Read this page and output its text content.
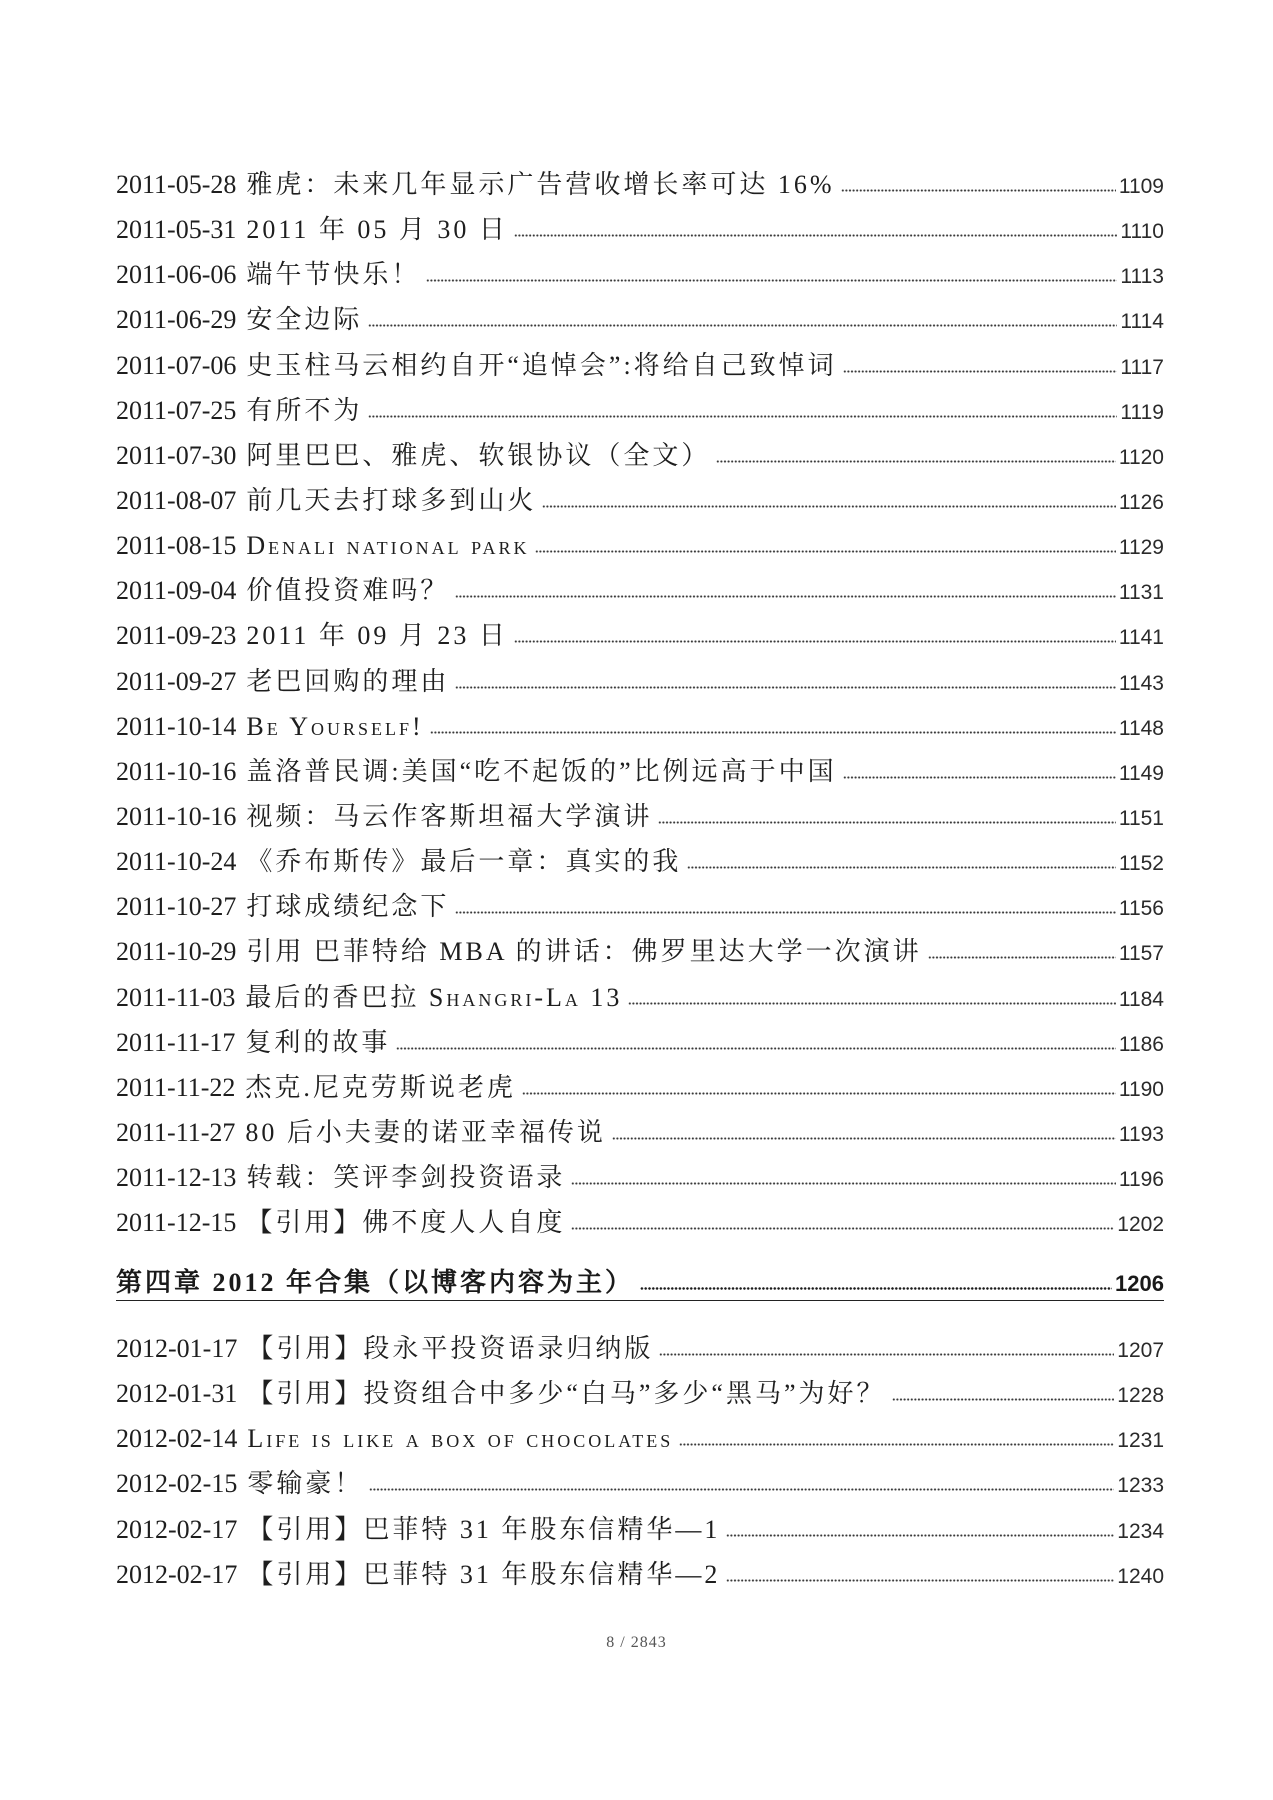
2011-05-28 雅虎：未来几年显示广告营收增长率可达 16%	1109
2011-05-31 2011 年 05 月 30 日	1110
2011-06-06 端午节快乐！	1113
2011-06-29 安全边际	1114
2011-07-06 史玉柱马云相约自开“追悼会”:将给自己致悼词	1117
2011-07-25 有所不为	1119
2011-07-30 阿里巴巴、雅虎、软银协议（全文）	1120
2011-08-07 前几天去打球多到山火	1126
2011-08-15 Denali national park	1129
2011-09-04 价值投资难吗？	1131
2011-09-23 2011 年 09 月 23 日	1141
2011-09-27 老巴回购的理由	1143
2011-10-14 Be Yourself!	1148
2011-10-16 盖洛普民调:美国“吃不起饭的”比例远高于中国	1149
2011-10-16 视频：马云作客斯坦福大学演讲	1151
2011-10-24 《乔布斯传》最后一章：真实的我	1152
2011-10-27 打球成绩纪念下	1156
2011-10-29 引用 巴菲特给 MBA 的讲话：佛罗里达大学一次演讲	1157
2011-11-03 最后的香巴拉 Shangri-La 13	1184
2011-11-17 复利的故事	1186
2011-11-22 杰克.尼克劳斯说老虎	1190
2011-11-27 80 后小夫妻的诺亚幸福传说	1193
2011-12-13 转载：笑评李剑投资语录	1196
2011-12-15 【引用】佛不度人人自度	1202
第四章 2012 年合集（以博客内容为主）	1206
2012-01-17 【引用】段永平投资语录归纳版	1207
2012-01-31 【引用】投资组合中多少“白马”多少“黑马”为好？	1228
2012-02-14 Life is like a box of chocolates	1231
2012-02-15 零输豪！	1233
2012-02-17 【引用】巴菲特 31 年股东信精华—1	1234
2012-02-17 【引用】巴菲特 31 年股东信精华—2	1240
8 / 2843
